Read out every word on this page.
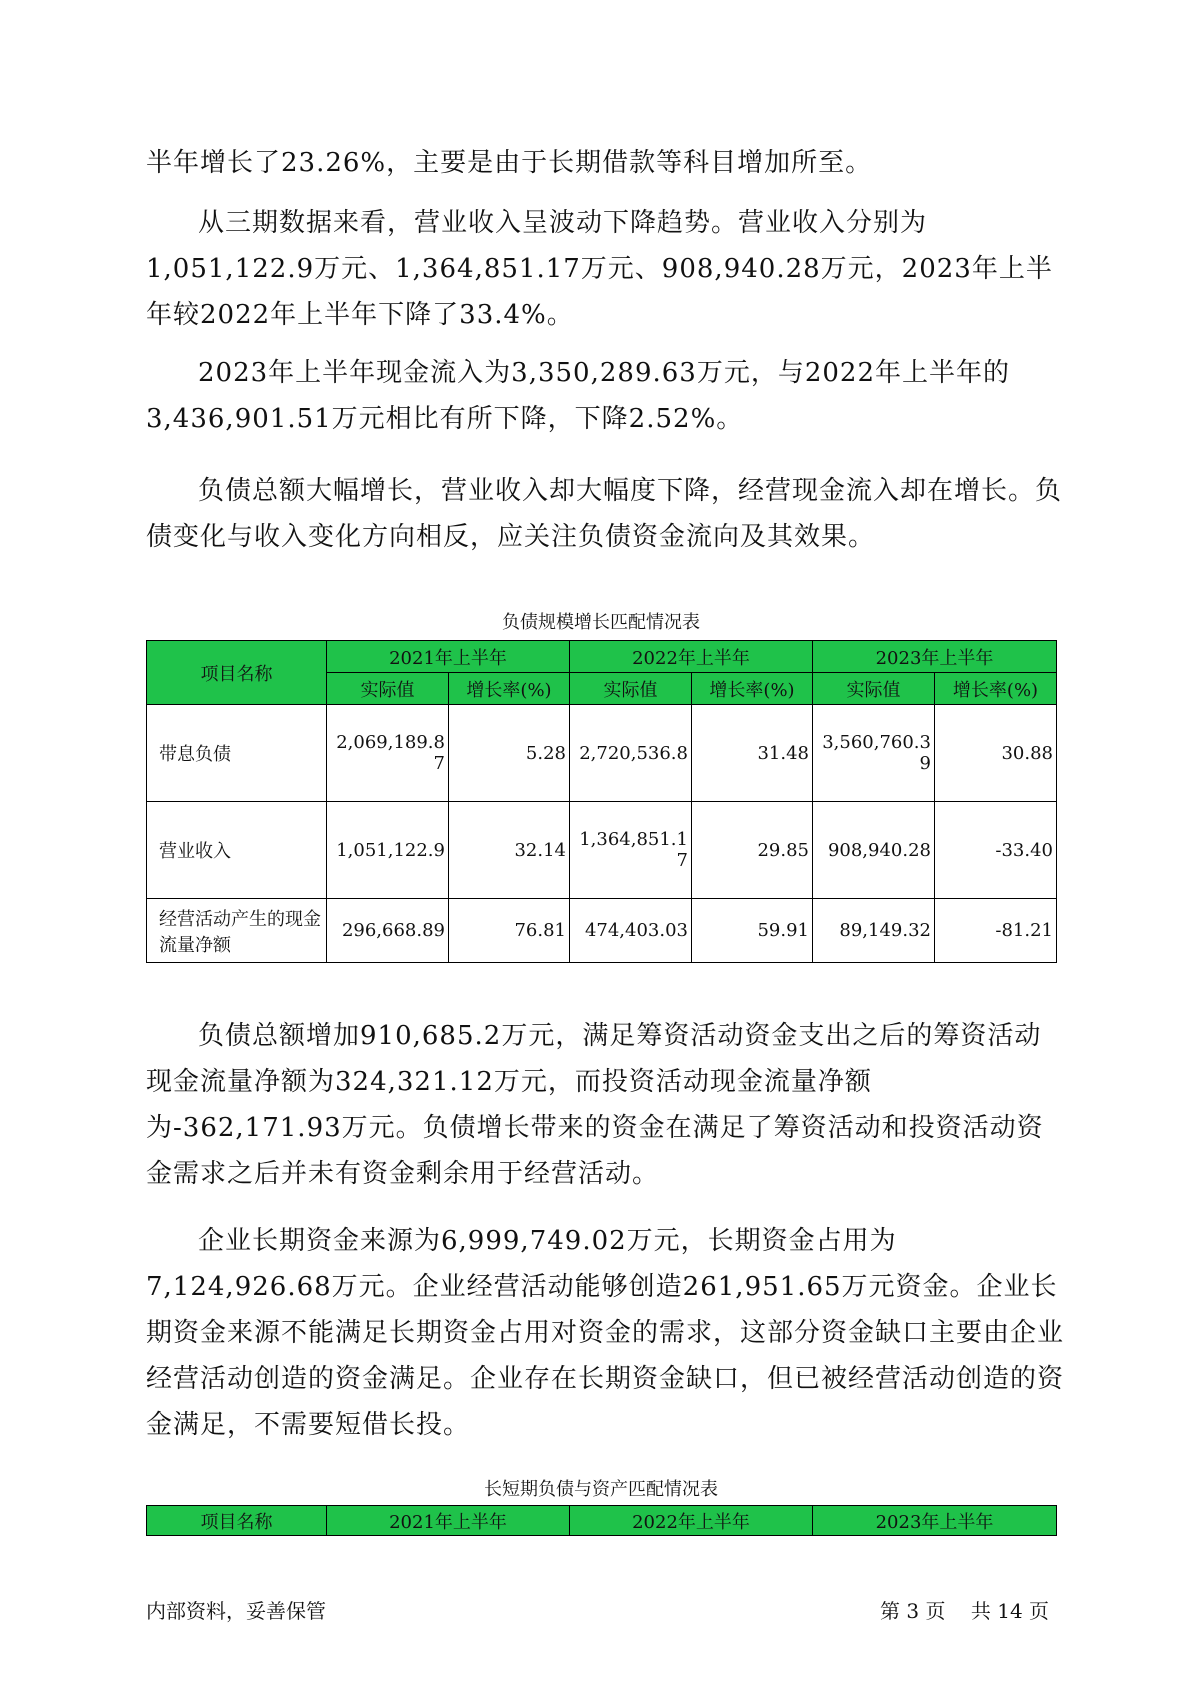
半年增长了23.26%，主要是由于长期借款等科目增加所至。

从三期数据来看，营业收入呈波动下降趋势。营业收入分别为1,051,122.9万元、1,364,851.17万元、908,940.28万元，2023年上半年较2022年上半年下降了33.4%。

2023年上半年现金流入为3,350,289.63万元，与2022年上半年的3,436,901.51万元相比有所下降，下降2.52%。

负债总额大幅增长，营业收入却大幅度下降，经营现金流入却在增长。负债变化与收入变化方向相反，应关注负债资金流向及其效果。

负债规模增长匹配情况表
项目名称	2021年上半年		2022年上半年		2023年上半年	
	实际值	增长率(%)	实际值	增长率(%)	实际值	增长率(%)
带息负债	2,069,189.87	5.28	2,720,536.8	31.48	3,560,760.39	30.88
营业收入	1,051,122.9	32.14	1,364,851.17	29.85	908,940.28	-33.40
经营活动产生的现金流量净额	296,668.89	76.81	474,403.03	59.91	89,149.32	-81.21

负债总额增加910,685.2万元，满足筹资活动资金支出之后的筹资活动现金流量净额为324,321.12万元，而投资活动现金流量净额为-362,171.93万元。负债增长带来的资金在满足了筹资活动和投资活动资金需求之后并未有资金剩余用于经营活动。

企业长期资金来源为6,999,749.02万元，长期资金占用为7,124,926.68万元。企业经营活动能够创造261,951.65万元资金。企业长期资金来源不能满足长期资金占用对资金的需求，这部分资金缺口主要由企业经营活动创造的资金满足。企业存在长期资金缺口，但已被经营活动创造的资金满足，不需要短借长投。

长短期负债与资产匹配情况表
项目名称	2021年上半年	2022年上半年	2023年上半年
内部资料，妥善保管	第 3 页    共 14 页
